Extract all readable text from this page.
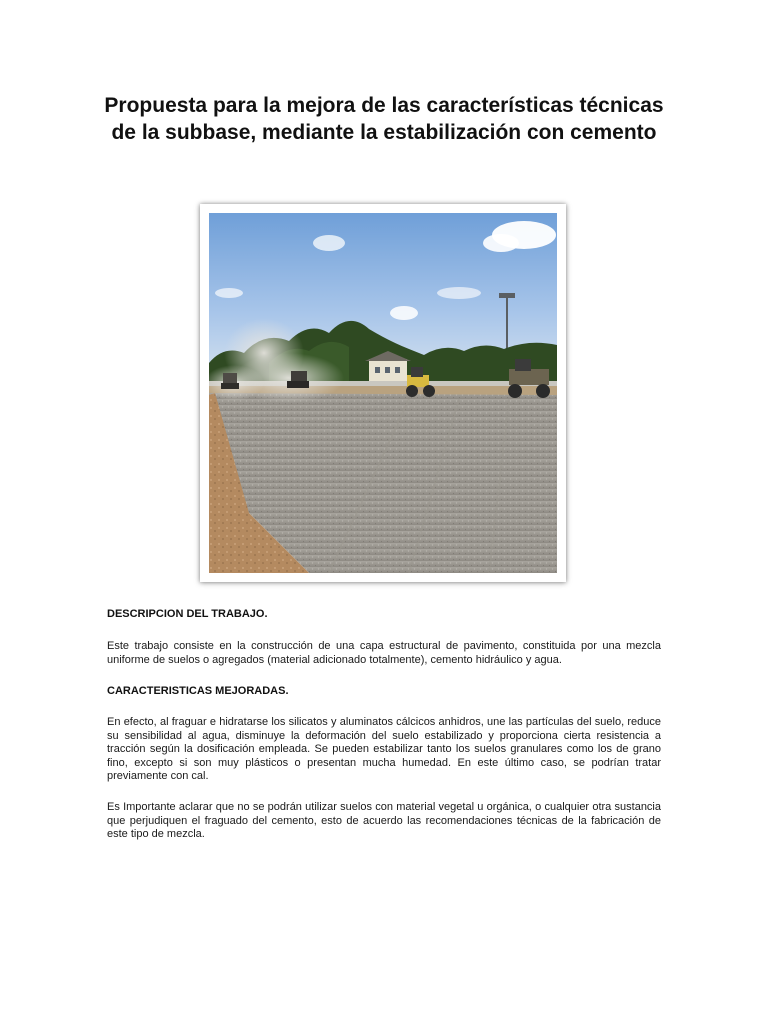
Propuesta para la mejora de las características técnicas de la subbase, mediante la estabilización con cemento
DESCRIPCION DEL TRABAJO.

Este trabajo consiste en la construcción de una capa estructural de pavimento, constituida por una mezcla uniforme de suelos o agregados (material adicionado totalmente), cemento hidráulico y agua.

CARACTERISTICAS MEJORADAS.

En efecto, al fraguar e hidratarse los silicatos y aluminatos cálcicos anhidros, une las partículas del suelo, reduce su sensibilidad al agua, disminuye la deformación del suelo estabilizado y proporciona cierta resistencia a tracción según la dosificación empleada. Se pueden estabilizar tanto los suelos granulares como los de grano fino, excepto si son muy plásticos o presentan mucha humedad. En este último caso, se podrían tratar previamente con cal.

Es Importante aclarar que no se podrán utilizar suelos con material vegetal u orgánica, o cualquier otra sustancia que perjudiquen el fraguado del cemento, esto de acuerdo las recomendaciones técnicas de la fabricación de este tipo de mezcla.
